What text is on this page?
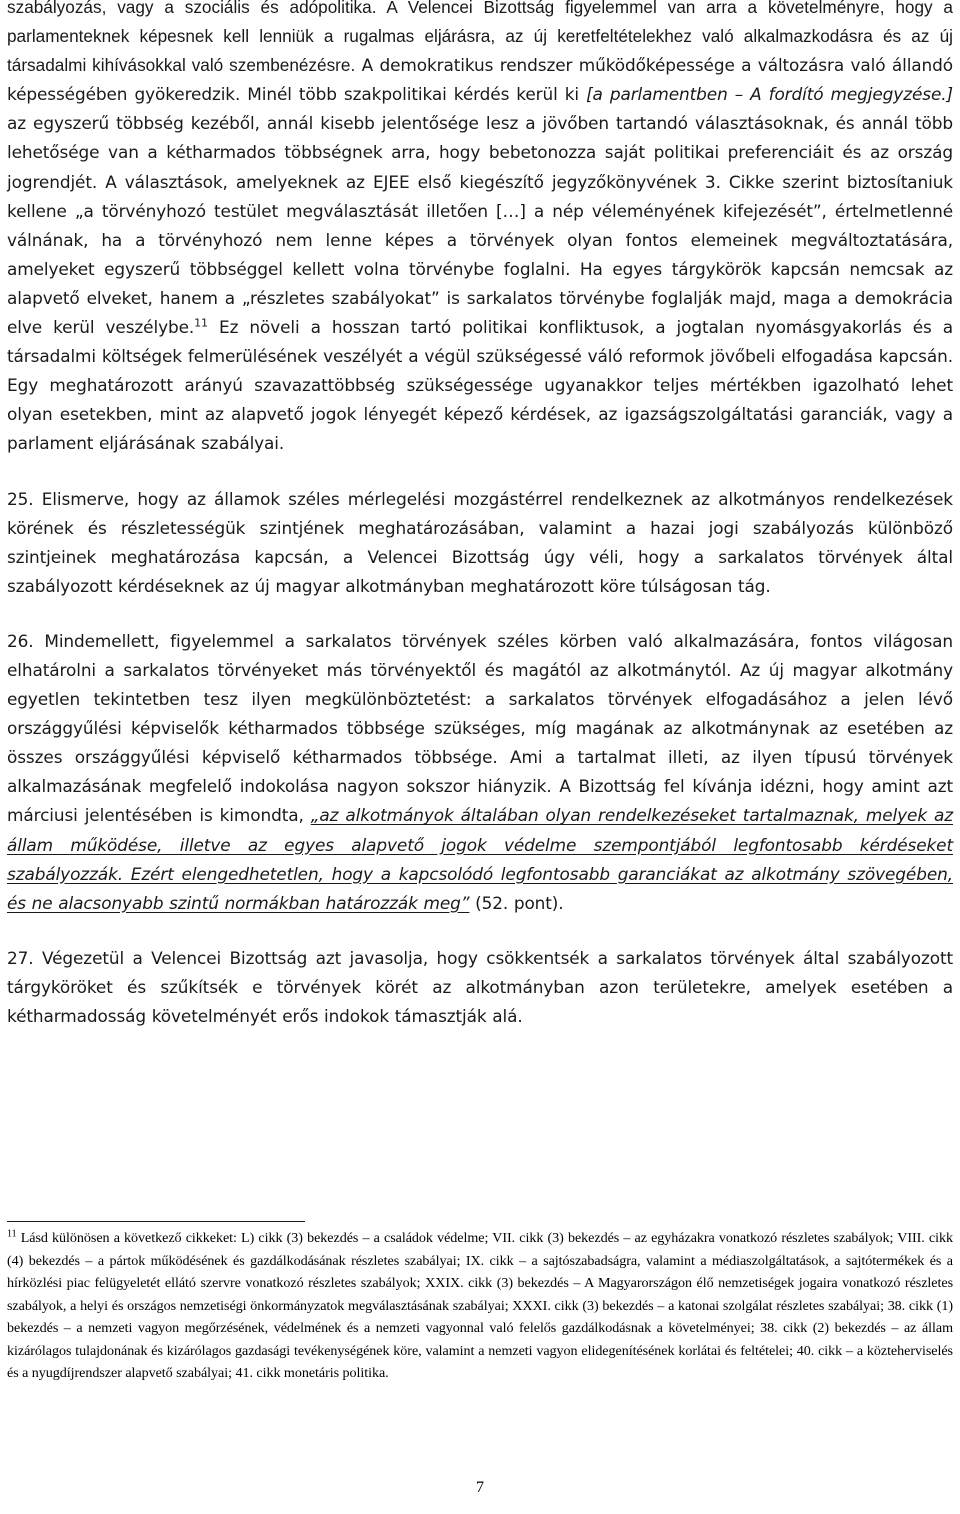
szabályozás, vagy a szociális és adópolitika. A Velencei Bizottság figyelemmel van arra a követelményre, hogy a parlamenteknek képesnek kell lenniük a rugalmas eljárásra, az új keretfeltételekhez való alkalmazkodásra és az új társadalmi kihívásokkal való szembenézésre. A demokratikus rendszer működőképessége a változásra való állandó képességében gyökeredzik. Minél több szakpolitikai kérdés kerül ki [a parlamentben – A fordító megjegyzése.] az egyszerű többség kezéből, annál kisebb jelentősége lesz a jövőben tartandó választásoknak, és annál több lehetősége van a kétharmados többségnek arra, hogy bebetonozza saját politikai preferenciáit és az ország jogrendjét. A választások, amelyeknek az EJEE első kiegészítő jegyzőkönyvének 3. Cikke szerint biztosítaniuk kellene „a törvényhozó testület megválasztását illetően […] a nép véleményének kifejezését”, értelmetlenné válnának, ha a törvényhozó nem lenne képes a törvények olyan fontos elemeinek megváltoztatására, amelyeket egyszerű többséggel kellett volna törvénybe foglalni. Ha egyes tárgykörök kapcsán nemcsak az alapvető elveket, hanem a „részletes szabályokat” is sarkalatos törvénybe foglalják majd, maga a demokrácia elve kerül veszélybe.$^{11}$ Ez növeli a hosszan tartó politikai konfliktusok, a jogtalan nyomásgyakorlás és a társadalmi költségek felmerülésének veszélyét a végül szükségessé váló reformok jövőbeli elfogadása kapcsán. Egy meghatározott arányú szavazattöbbség szükségessége ugyanakkor teljes mértékben igazolható lehet olyan esetekben, mint az alapvető jogok lényegét képező kérdések, az igazságszolgáltatási garanciák, vagy a parlament eljárásának szabályai.

25. Elismerve, hogy az államok széles mérlegelési mozgástérrel rendelkeznek az alkotmányos rendelkezések körének és részletességük szintjének meghatározásában, valamint a hazai jogi szabályozás különböző szintjeinek meghatározása kapcsán, a Velencei Bizottság úgy véli, hogy a sarkalatos törvények által szabályozott kérdéseknek az új magyar alkotmányban meghatározott köre túlságosan tág.

26. Mindemellett, figyelemmel a sarkalatos törvények széles körben való alkalmazására, fontos világosan elhatárolni a sarkalatos törvényeket más törvényektől és magától az alkotmánytól. Az új magyar alkotmány egyetlen tekintetben tesz ilyen megkülönböztetést: a sarkalatos törvények elfogadásához a jelen lévő országgyűlési képviselők kétharmados többsége szükséges, míg magának az alkotmánynak az esetében az összes országgyűlési képviselő kétharmados többsége. Ami a tartalmat illeti, az ilyen típusú törvények alkalmazásának megfelelő indokolása nagyon sokszor hiányzik. A Bizottság fel kívánja idézni, hogy amint azt márciusi jelentésében is kimondta, „az alkotmányok általában olyan rendelkezéseket tartalmaznak, melyek az állam működése, illetve az egyes alapvető jogok védelme szempontjából legfontosabb kérdéseket szabályozzák. Ezért elengedhetetlen, hogy a kapcsolódó legfontosabb garanciákat az alkotmány szövegében, és ne alacsonyabb szintű normákban határozzák meg” (52. pont).

27. Végezetül a Velencei Bizottság azt javasolja, hogy csökkentsék a sarkalatos törvények által szabályozott tárgyköröket és szűkítsék e törvények körét az alkotmányban azon területekre, amelyek esetében a kétharmadosság követelményét erős indokok támasztják alá.

$^{11}$ Lásd különösen a következő cikkeket: L) cikk (3) bekezdés – a családok védelme; VII. cikk (3) bekezdés – az egyházakra vonatkozó részletes szabályok; VIII. cikk (4) bekezdés – a pártok működésének és gazdálkodásának részletes szabályai; IX. cikk – a sajtószabadságra, valamint a médiaszolgáltatások, a sajtótermékek és a hírközlési piac felügyeletét ellátó szervre vonatkozó részletes szabályok; XXIX. cikk (3) bekezdés – A Magyarországon élő nemzetiségek jogaira vonatkozó részletes szabályok, a helyi és országos nemzetiségi önkormányzatok megválasztásának szabályai; XXXI. cikk (3) bekezdés – a katonai szolgálat részletes szabályai; 38. cikk (1) bekezdés – a nemzeti vagyon megőrzésének, védelmének és a nemzeti vagyonnal való felelős gazdálkodásnak a követelményei; 38. cikk (2) bekezdés – az állam kizárólagos tulajdonának és kizárólagos gazdasági tevékenységének köre, valamint a nemzeti vagyon elidegenítésének korlátai és feltételei; 40. cikk – a közteherviselés és a nyugdíjrendszer alapvető szabályai; 41. cikk monetáris politika.

7
